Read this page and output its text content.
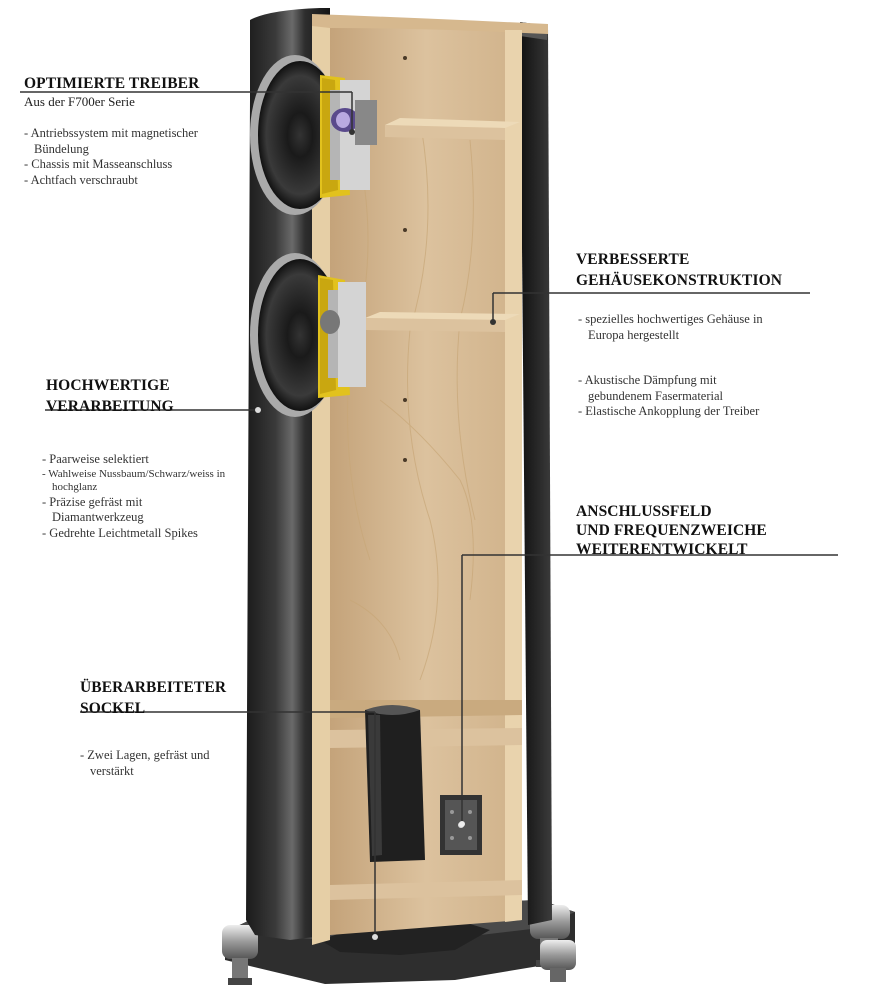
OPTIMIERTE TREIBER
Aus der F700er Serie
- Antriebssystem mit magnetischer Bündelung
- Chassis mit Masseanschluss
- Achtfach verschraubt
VERBESSERTE
GEHÄUSEKONSTRUKTION
- spezielles hochwertiges Gehäuse in Europa hergestellt
- Akustische Dämpfung mit gebundenem Fasermaterial
- Elastische Ankopplung der Treiber
HOCHWERTIGE
VERARBEITUNG
- Paarweise selektiert
- Wahlweise Nussbaum/Schwarz/weiss in hochglanz
- Präzise gefräst mit Diamantwerkzeug
- Gedrehte Leichtmetall Spikes
ANSCHLUSSFELD
UND FREQUENZWEICHE
WEITERENTWICKELT
ÜBERARBEITETER
SOCKEL
- Zwei Lagen, gefräst und verstärkt
